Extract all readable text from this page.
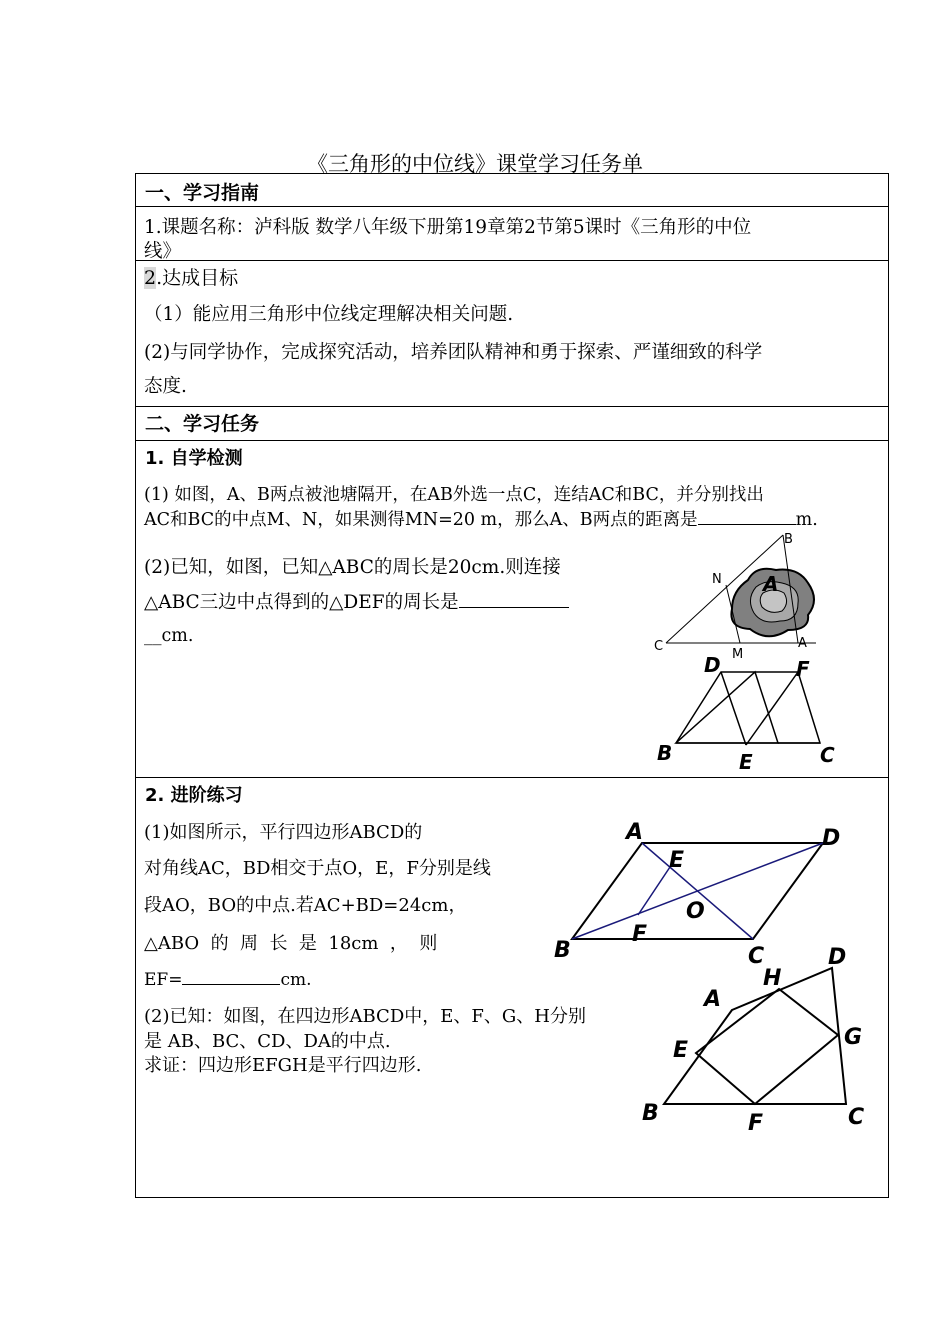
《三角形的中位线》课堂学习任务单
一、学习指南
1.课题名称：泸科版 数学八年级下册第19章第2节第5课时《三角形的中位
线》
2.达成目标
（1）能应用三角形中位线定理解决相关问题.
(2)与同学协作，完成探究活动，培养团队精神和勇于探索、严谨细致的科学
态度.
二、学习任务
1. 自学检测
(1) 如图，A、B两点被池塘隔开，在AB外选一点C，连结AC和BC，并分别找出
AC和BC的中点M、N，如果测得MN=20 m，那么A、B两点的距离是	m.
(2)已知，如图，已知△ABC的周长是20cm.则连接
△ABC三边中点得到的△DEF的周长是
__cm.
2. 进阶练习
(1)如图所示，平行四边形ABCD的
对角线AC，BD相交于点O，E，F分别是线
段AO，BO的中点.若AC+BD=24cm，
△ABO  的  周  长  是  18cm  ，  则
EF=	cm.
(2)已知：如图，在四边形ABCD中，E、F、G、H分别
是 AB、BC、CD、DA的中点.
求证：四边形EFGH是平行四边形.
B
N A
C
M
A
D	F
B	E	C
A	D
E
O
F
B	C
H
D
A
E
G
B	F	C
